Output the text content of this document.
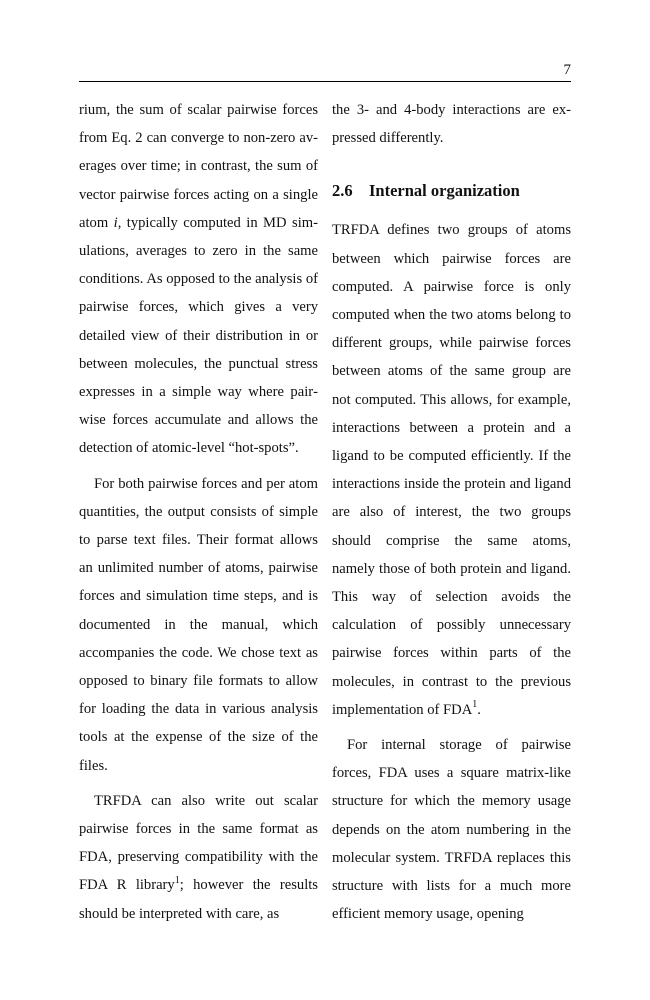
7

rium, the sum of scalar pairwise forces from Eq. 2 can converge to non-zero averages over time; in contrast, the sum of vector pairwise forces acting on a single atom i, typically computed in MD simulations, averages to zero in the same conditions. As opposed to the analysis of pairwise forces, which gives a very detailed view of their distribution in or between molecules, the punctual stress expresses in a simple way where pairwise forces accumulate and allows the detection of atomic-level “hot-spots”.

For both pairwise forces and per atom quantities, the output consists of simple to parse text files. Their format allows an unlimited number of atoms, pairwise forces and simulation time steps, and is documented in the manual, which accompanies the code. We chose text as opposed to binary file formats to allow for loading the data in various analysis tools at the expense of the size of the files.

TRFDA can also write out scalar pairwise forces in the same format as FDA, preserving compatibility with the FDA R library$^1$; however the results should be interpreted with care, as

the 3- and 4-body interactions are expressed differently.

2.6 Internal organization

TRFDA defines two groups of atoms between which pairwise forces are computed. A pairwise force is only computed when the two atoms belong to different groups, while pairwise forces between atoms of the same group are not computed. This allows, for example, interactions between a protein and a ligand to be computed efficiently. If the interactions inside the protein and ligand are also of interest, the two groups should comprise the same atoms, namely those of both protein and ligand. This way of selection avoids the calculation of possibly unnecessary pairwise forces within parts of the molecules, in contrast to the previous implementation of FDA$^1$.

For internal storage of pairwise forces, FDA uses a square matrix-like structure for which the memory usage depends on the atom numbering in the molecular system. TRFDA replaces this structure with lists for a much more efficient memory usage, opening
